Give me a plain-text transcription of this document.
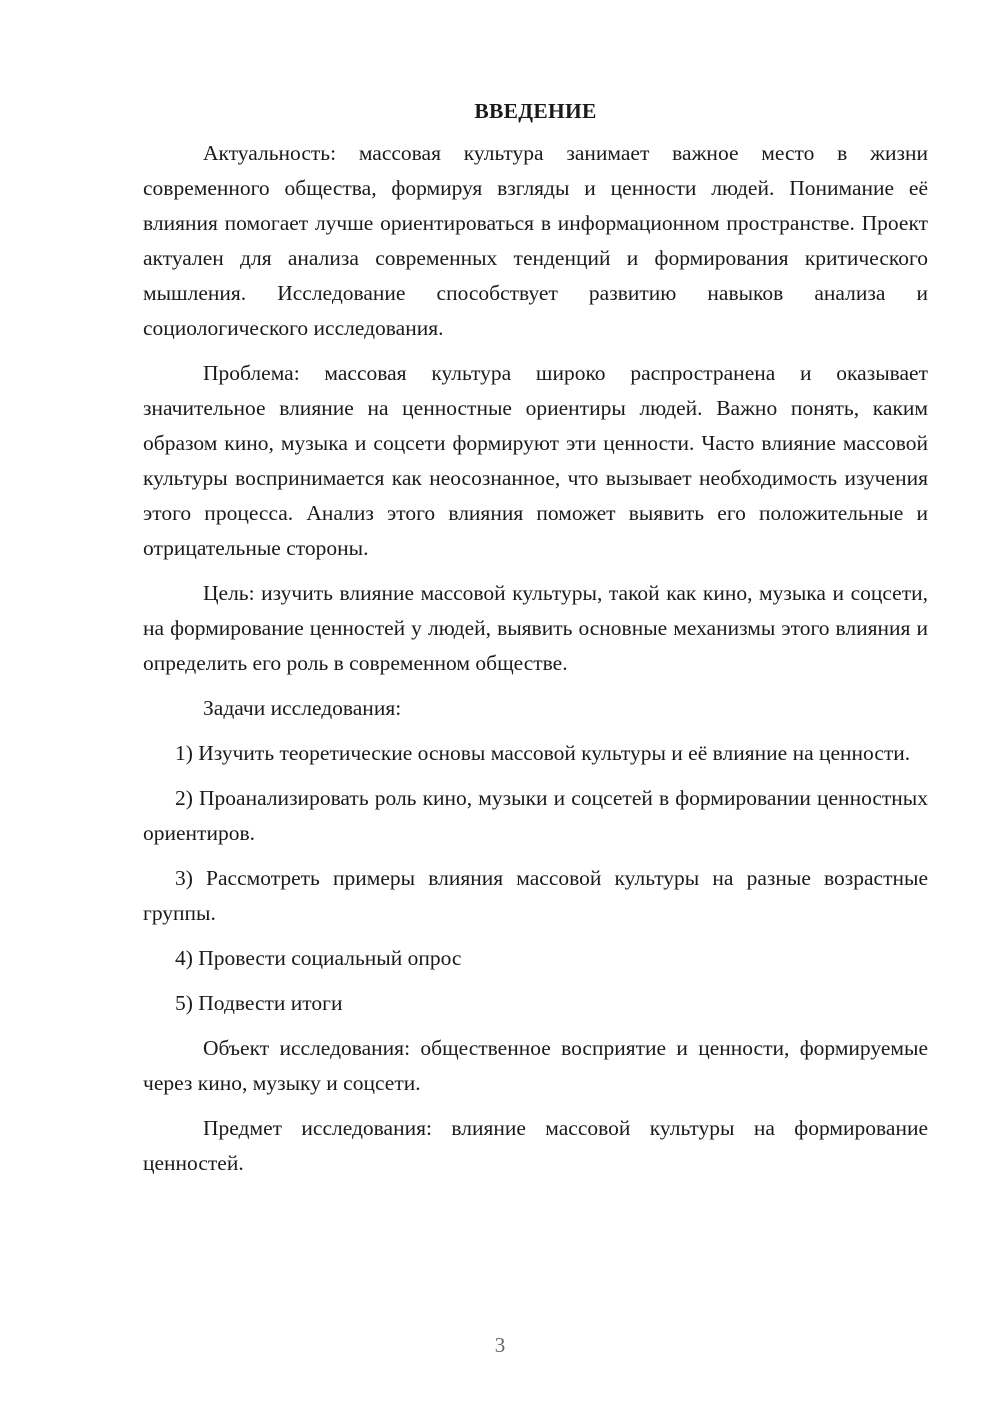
ВВЕДЕНИЕ

Актуальность: массовая культура занимает важное место в жизни современного общества, формируя взгляды и ценности людей. Понимание её влияния помогает лучше ориентироваться в информационном пространстве. Проект актуален для анализа современных тенденций и формирования критического мышления. Исследование способствует развитию навыков анализа и социологического исследования.

Проблема: массовая культура широко распространена и оказывает значительное влияние на ценностные ориентиры людей. Важно понять, каким образом кино, музыка и соцсети формируют эти ценности. Часто влияние массовой культуры воспринимается как неосознанное, что вызывает необходимость изучения этого процесса. Анализ этого влияния поможет выявить его положительные и отрицательные стороны.

Цель: изучить влияние массовой культуры, такой как кино, музыка и соцсети, на формирование ценностей у людей, выявить основные механизмы этого влияния и определить его роль в современном обществе.

Задачи исследования:

1) Изучить теоретические основы массовой культуры и её влияние на ценности.

2) Проанализировать роль кино, музыки и соцсетей в формировании ценностных ориентиров.

3) Рассмотреть примеры влияния массовой культуры на разные возрастные группы.

4) Провести социальный опрос

5) Подвести итоги

Объект исследования: общественное восприятие и ценности, формируемые через кино, музыку и соцсети.

Предмет исследования: влияние массовой культуры на формирование ценностей.

3
